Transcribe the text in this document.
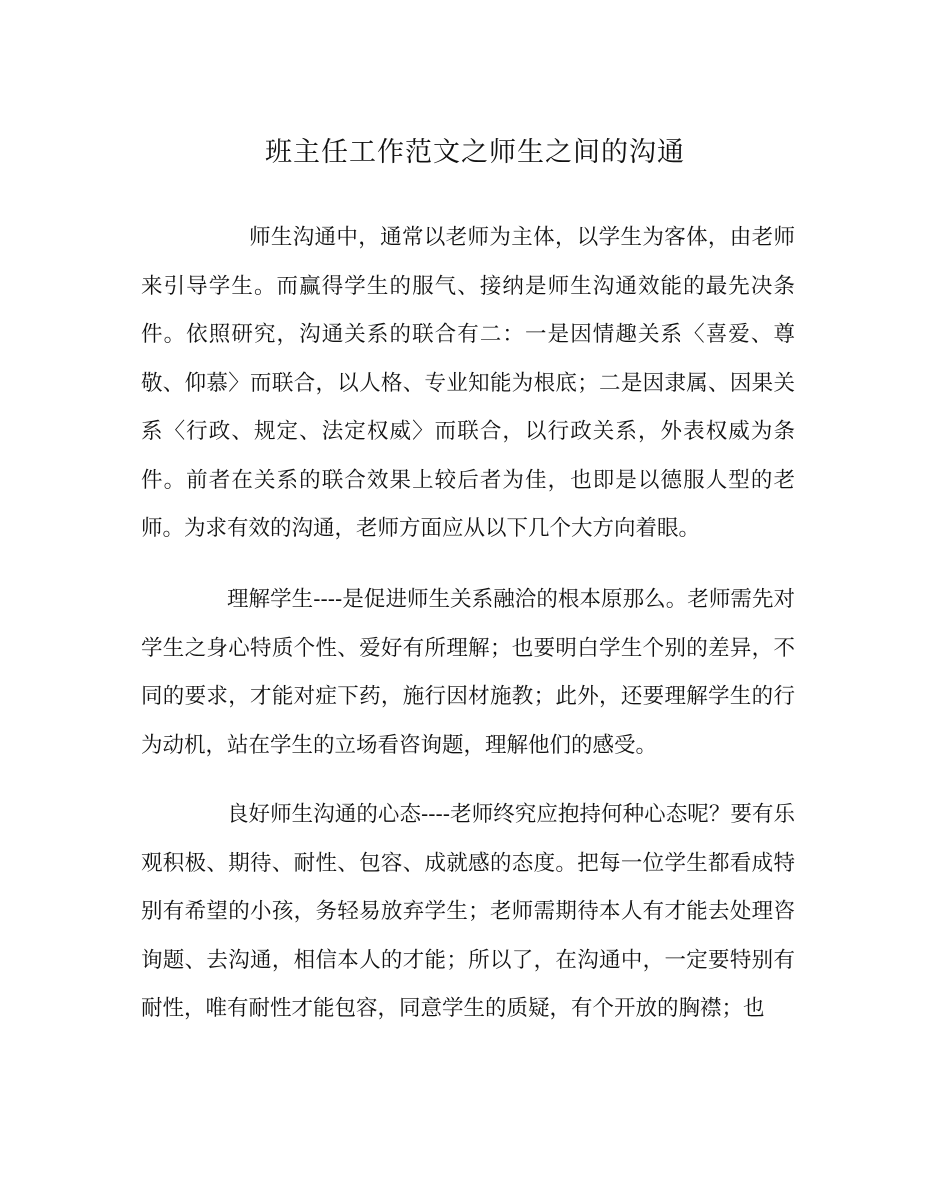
班主任工作范文之师生之间的沟通

师生沟通中，通常以老师为主体，以学生为客体，由老师来引导学生。而赢得学生的服气、接纳是师生沟通效能的最先决条件。依照研究，沟通关系的联合有二：一是因情趣关系〈喜爱、尊敬、仰慕〉而联合，以人格、专业知能为根底；二是因隶属、因果关系〈行政、规定、法定权威〉而联合，以行政关系，外表权威为条件。前者在关系的联合效果上较后者为佳，也即是以德服人型的老师。为求有效的沟通，老师方面应从以下几个大方向着眼。

理解学生----是促进师生关系融洽的根本原那么。老师需先对学生之身心特质个性、爱好有所理解；也要明白学生个别的差异，不同的要求，才能对症下药，施行因材施教；此外，还要理解学生的行为动机，站在学生的立场看咨询题，理解他们的感受。

良好师生沟通的心态----老师终究应抱持何种心态呢？要有乐观积极、期待、耐性、包容、成就感的态度。把每一位学生都看成特别有希望的小孩，务轻易放弃学生；老师需期待本人有才能去处理咨询题、去沟通，相信本人的才能；所以了，在沟通中，一定要特别有耐性，唯有耐性才能包容，同意学生的质疑，有个开放的胸襟；也
